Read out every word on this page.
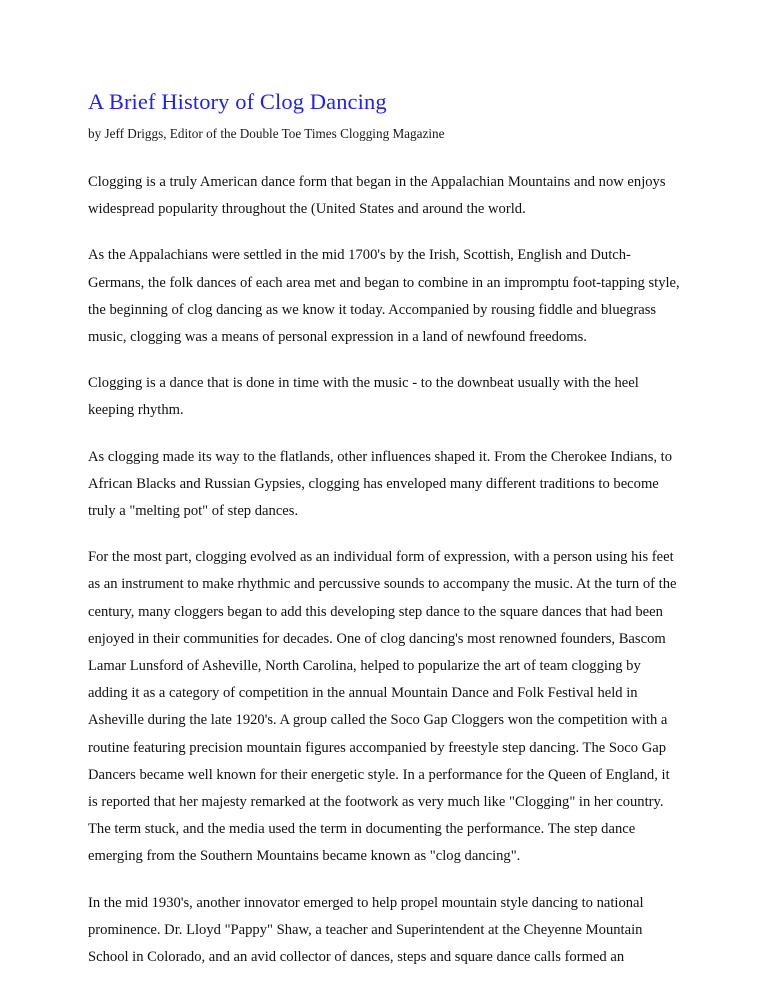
A Brief History of Clog Dancing

by Jeff Driggs, Editor of the Double Toe Times Clogging Magazine

Clogging is a truly American dance form that began in the Appalachian Mountains and now enjoys widespread popularity throughout the (United States and around the world.

As the Appalachians were settled in the mid 1700's by the Irish, Scottish, English and Dutch-Germans, the folk dances of each area met and began to combine in an impromptu foot-tapping style, the beginning of clog dancing as we know it today. Accompanied by rousing fiddle and bluegrass music, clogging was a means of personal expression in a land of newfound freedoms.

Clogging is a dance that is done in time with the music - to the downbeat usually with the heel keeping rhythm.

As clogging made its way to the flatlands, other influences shaped it. From the Cherokee Indians, to African Blacks and Russian Gypsies, clogging has enveloped many different traditions to become truly a "melting pot" of step dances.

For the most part, clogging evolved as an individual form of expression, with a person using his feet as an instrument to make rhythmic and percussive sounds to accompany the music. At the turn of the century, many cloggers began to add this developing step dance to the square dances that had been enjoyed in their communities for decades. One of clog dancing's most renowned founders, Bascom Lamar Lunsford of Asheville, North Carolina, helped to popularize the art of team clogging by adding it as a category of competition in the annual Mountain Dance and Folk Festival held in Asheville during the late 1920's. A group called the Soco Gap Cloggers won the competition with a routine featuring precision mountain figures accompanied by freestyle step dancing. The Soco Gap Dancers became well known for their energetic style. In a performance for the Queen of England, it is reported that her majesty remarked at the footwork as very much like "Clogging" in her country. The term stuck, and the media used the term in documenting the performance. The step dance emerging from the Southern Mountains became known as "clog dancing".

In the mid 1930's, another innovator emerged to help propel mountain style dancing to national prominence. Dr. Lloyd "Pappy" Shaw, a teacher and Superintendent at the Cheyenne Mountain School in Colorado, and an avid collector of dances, steps and square dance calls formed an
